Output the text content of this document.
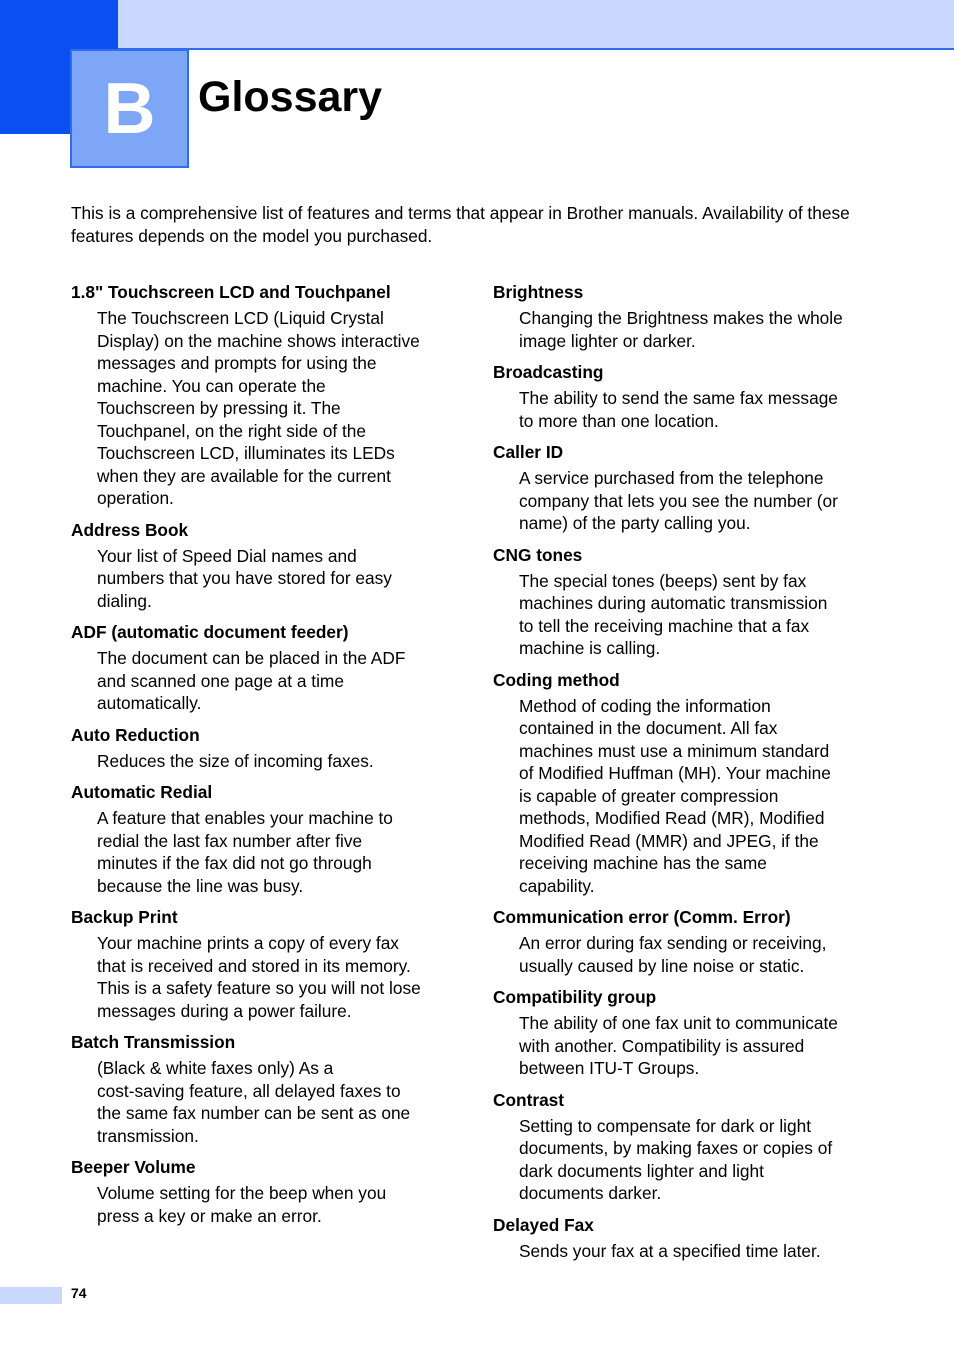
B Glossary

This is a comprehensive list of features and terms that appear in Brother manuals. Availability of these features depends on the model you purchased.

1.8" Touchscreen LCD and Touchpanel
The Touchscreen LCD (Liquid Crystal
Display) on the machine shows interactive
messages and prompts for using the
machine. You can operate the
Touchscreen by pressing it. The
Touchpanel, on the right side of the
Touchscreen LCD, illuminates its LEDs
when they are available for the current
operation.
Address Book
Your list of Speed Dial names and
numbers that you have stored for easy
dialing.
ADF (automatic document feeder)
The document can be placed in the ADF
and scanned one page at a time
automatically.
Auto Reduction
Reduces the size of incoming faxes.
Automatic Redial
A feature that enables your machine to
redial the last fax number after five
minutes if the fax did not go through
because the line was busy.
Backup Print
Your machine prints a copy of every fax
that is received and stored in its memory.
This is a safety feature so you will not lose
messages during a power failure.
Batch Transmission
(Black & white faxes only) As a
cost-saving feature, all delayed faxes to
the same fax number can be sent as one
transmission.
Beeper Volume
Volume setting for the beep when you
press a key or make an error.
Brightness
Changing the Brightness makes the whole
image lighter or darker.
Broadcasting
The ability to send the same fax message
to more than one location.
Caller ID
A service purchased from the telephone
company that lets you see the number (or
name) of the party calling you.
CNG tones
The special tones (beeps) sent by fax
machines during automatic transmission
to tell the receiving machine that a fax
machine is calling.
Coding method
Method of coding the information
contained in the document. All fax
machines must use a minimum standard
of Modified Huffman (MH). Your machine
is capable of greater compression
methods, Modified Read (MR), Modified
Modified Read (MMR) and JPEG, if the
receiving machine has the same
capability.
Communication error (Comm. Error)
An error during fax sending or receiving,
usually caused by line noise or static.
Compatibility group
The ability of one fax unit to communicate
with another. Compatibility is assured
between ITU-T Groups.
Contrast
Setting to compensate for dark or light
documents, by making faxes or copies of
dark documents lighter and light
documents darker.
Delayed Fax
Sends your fax at a specified time later.
74
